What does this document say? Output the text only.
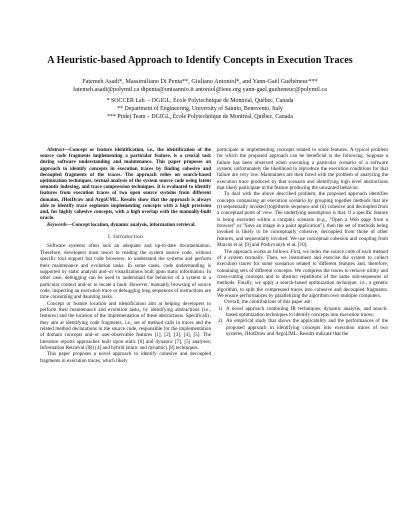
A Heuristic-based Approach to Identify Concepts in Execution Traces
Fatemeh Asadi*, Massimiliano Di Penta**, Giuliano Antoniol*, and Yann-Gaël Guéhéneuc***
fatemeh.asadi@polymtl.ca dipenta@unisannio.it antoniol@ieee.org yann-gael.gueheneuc@polymtl.ca
* SOCCER Lab. – DGIGL, École Polytechnique de Montréal, Québec, Canada
** Department of Engineering, University of Sannio, Benevento, Italy
*** Ptidej Team – DGIGL, École Polytechnique de Montréal, Québec, Canada

Abstract—Concept or feature identification, i.e., the identification of the source code fragments implementing a particular feature, is a crucial task during software understanding and maintenance. This paper proposes an approach to identify concepts in execution traces by finding cohesive and decoupled fragments of the traces. The approach relies on search-based optimization techniques, textual analysis of the system source code using latent semantic indexing, and trace compression techniques. It is evaluated to identify features from execution traces of two open source systems from different domains, JHotDraw and ArgoUML. Results show that the approach is always able to identify trace segments implementing concepts with a high precision and, for highly cohesive concepts, with a high overlap with the manually-built oracle.

Keywords—Concept location, dynamic analysis, information retrieval.

I. Introduction

Software systems often lack an adequate and up-to-date documentation. Therefore, developers must resort to reading the system source code, without specific tool support but code browsers, to understand the systems and perform their maintenance and evolution tasks. In some cases, code understanding is supported by static analysis and–or visualizations built upon static information. In other case, debugging can be used to understand the behavior of a system in a particular context and–or to locate a fault. However, manually browsing of source code, inspecting an execution trace or debugging long sequences of instructions are time consuming and daunting tasks.

Concept or feature location and identification aim at helping developers to perform their maintenance and evolution tasks, by identifying abstractions (i.e., features) and the location of the implementation of these abstractions. Specifically, they aim at identifying code fragments, i.e., set of method calls in traces and the related method declarations in the source code, responsible for the implementation of domain concepts and–or user-observable features [1], [2], [3], [4], [5]. The literature reports approaches built upon static [6] and dynamic [7], [5] analyses; Information Retrieval (IR) [4] and hybrid (static and dynamic) [8] techniques.

This paper proposes a novel approach to identify cohesive and decoupled fragments in execution traces, which likely

participate in implementing concepts related to some features. A typical problem for which the proposed approach can be beneficial is the following. Suppose a failure has been observed when executing a particular scenario of a software system; unfortunately the likelihood to reproduce the execution conditions for that failure are very low. Maintainers are then faced with the problem of analyzing the execution trace produced by that scenario and identifying high level abstractions that likely participate in the feature producing the unwanted behavior.

To deal with the above described problem, the proposed approach identifies concepts composing an execution scenario by grouping together methods that are (i) sequentially invoked (togetherin sequence and (ii) cohesive and decoupled from a conceptual point of view. The underlying assumption is that, if a specific feature is being executed within a complex scenario (e.g., "Open a Web page from a browser" or "Save an image in a paint application"), then the set of methods being invoked is likely to be conceptually cohesive, decoupled from those of other features, and sequentially invoked. We use conceptual cohesion and coupling from Marcus et al. [9] and Poshyvanyk et al. [10].

The approach works as follows. First, we index the source code of each method of a system textually. Then, we instrument and exercise the system to collect execution traces for some scenarios related to different features and, therefore, containing sets of different concepts. We compress the traces to remove utility and cross-cutting concepts and to abstract repetitions of the same sub-sequences of methods. Finally, we apply a search-based optimization technique, i.e., a genetic algorithm, to split the compressed traces into cohesive and decoupled fragments. We ensure performances by parallelizing the algorithm over multiple computers.

Overall, the contributions of this paper are:

1) A novel approach combining IR techniques, dynamic analysis, and search-based optimization techniques to identify concepts into execution traces;
2) An empirical study that shows the applicability and the performances of the proposed approach in identifying concepts into execution traces of two systems, JHotDraw and ArgoUML. Results indicate that the
